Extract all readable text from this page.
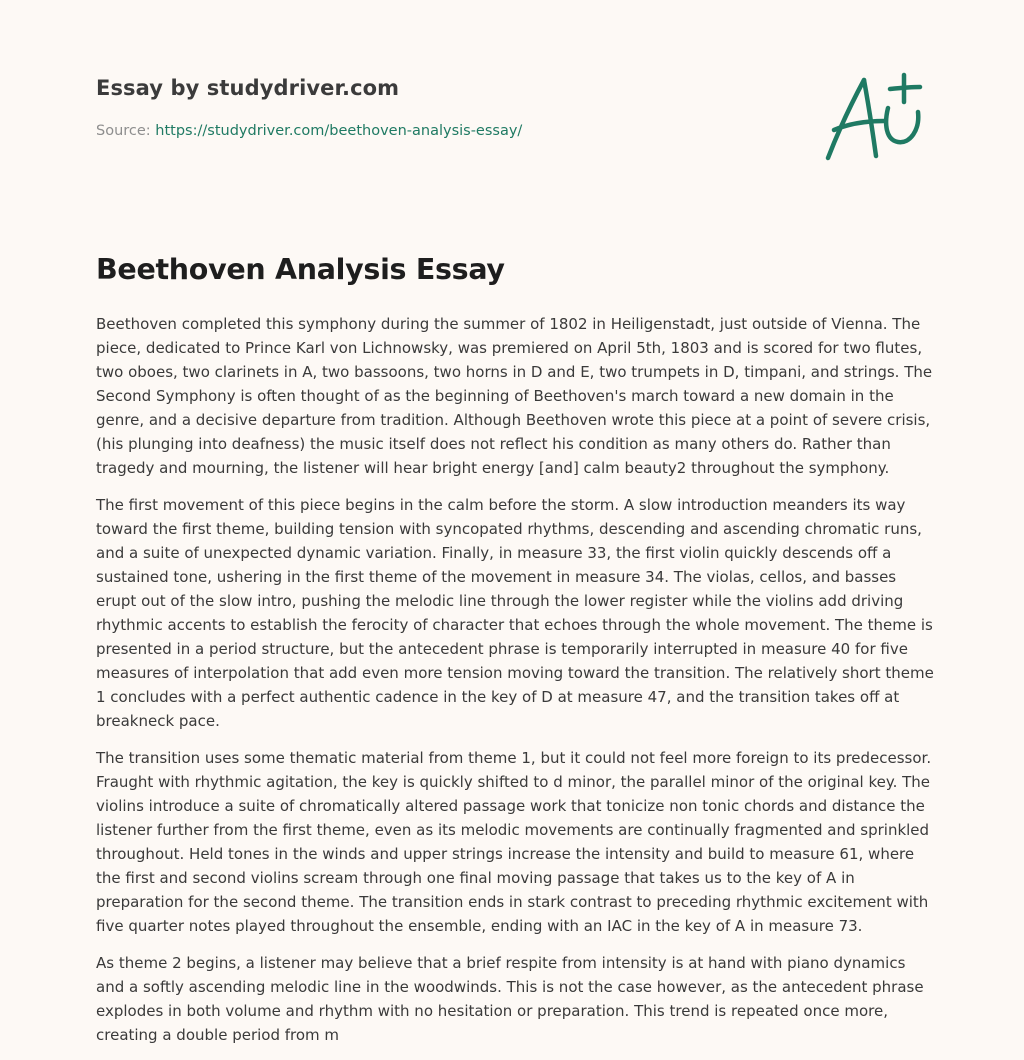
Essay by studydriver.com
Source: https://studydriver.com/beethoven-analysis-essay/
Beethoven Analysis Essay

Beethoven completed this symphony during the summer of 1802 in Heiligenstadt, just outside of Vienna. The piece, dedicated to Prince Karl von Lichnowsky, was premiered on April 5th, 1803 and is scored for two flutes, two oboes, two clarinets in A, two bassoons, two horns in D and E, two trumpets in D, timpani, and strings. The Second Symphony is often thought of as the beginning of Beethoven's march toward a new domain in the genre, and a decisive departure from tradition. Although Beethoven wrote this piece at a point of severe crisis, (his plunging into deafness) the music itself does not reflect his condition as many others do. Rather than tragedy and mourning, the listener will hear bright energy [and] calm beauty2 throughout the symphony.

The first movement of this piece begins in the calm before the storm. A slow introduction meanders its way toward the first theme, building tension with syncopated rhythms, descending and ascending chromatic runs, and a suite of unexpected dynamic variation. Finally, in measure 33, the first violin quickly descends off a sustained tone, ushering in the first theme of the movement in measure 34. The violas, cellos, and basses erupt out of the slow intro, pushing the melodic line through the lower register while the violins add driving rhythmic accents to establish the ferocity of character that echoes through the whole movement. The theme is presented in a period structure, but the antecedent phrase is temporarily interrupted in measure 40 for five measures of interpolation that add even more tension moving toward the transition. The relatively short theme 1 concludes with a perfect authentic cadence in the key of D at measure 47, and the transition takes off at breakneck pace.

The transition uses some thematic material from theme 1, but it could not feel more foreign to its predecessor. Fraught with rhythmic agitation, the key is quickly shifted to d minor, the parallel minor of the original key. The violins introduce a suite of chromatically altered passage work that tonicize non tonic chords and distance the listener further from the first theme, even as its melodic movements are continually fragmented and sprinkled throughout. Held tones in the winds and upper strings increase the intensity and build to measure 61, where the first and second violins scream through one final moving passage that takes us to the key of A in preparation for the second theme. The transition ends in stark contrast to preceding rhythmic excitement with five quarter notes played throughout the ensemble, ending with an IAC in the key of A in measure 73.

As theme 2 begins, a listener may believe that a brief respite from intensity is at hand with piano dynamics and a softly ascending melodic line in the woodwinds. This is not the case however, as the antecedent phrase explodes in both volume and rhythm with no hesitation or preparation. This trend is repeated once more, creating a double period from m
